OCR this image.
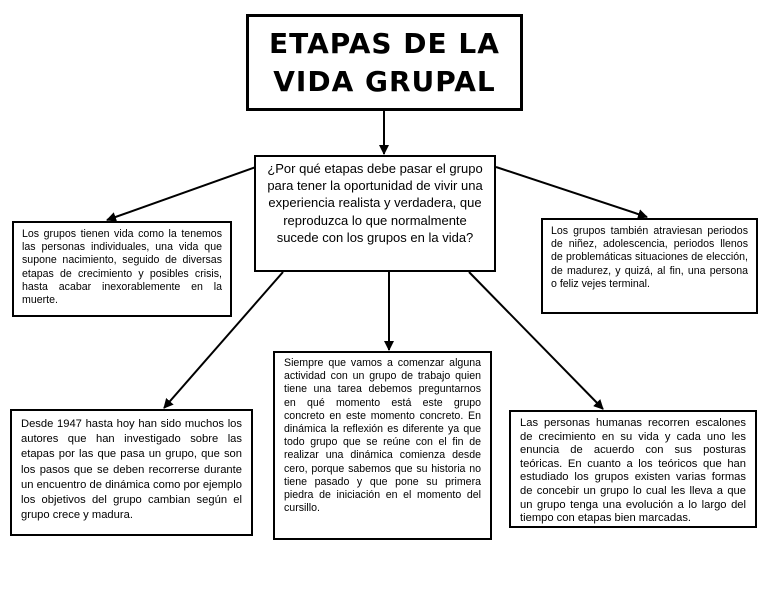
ETAPAS DE LA VIDA GRUPAL
¿Por qué etapas debe pasar el grupo para tener la oportunidad de vivir una experiencia realista y verdadera, que reproduzca lo que normalmente sucede con los grupos en la vida?
Los grupos tienen vida como la tenemos las personas individuales, una vida que supone nacimiento, seguido de diversas etapas de crecimiento y posibles crisis, hasta acabar inexorablemente en la muerte.
Los grupos también atraviesan periodos de niñez, adolescencia, periodos llenos de problemáticas situaciones de elección, de madurez, y quizá, al fin, una persona o feliz vejes terminal.
Desde 1947 hasta hoy han sido muchos los autores que han investigado sobre las etapas por las que pasa un grupo, que son los pasos que se deben recorrerse durante un encuentro de dinámica como por ejemplo los objetivos del grupo cambian según el grupo crece y madura.
Siempre que vamos a comenzar alguna actividad con un grupo de trabajo quien tiene una tarea debemos preguntarnos en qué momento está este grupo concreto en este momento concreto. En dinámica la reflexión es diferente ya que todo grupo que se reúne con el fin de realizar una dinámica comienza desde cero, porque sabemos que su historia no tiene pasado y que pone su primera piedra de iniciación en el momento del cursillo.
Las personas humanas recorren escalones de crecimiento en su vida y cada uno les enuncia de acuerdo con sus posturas teóricas. En cuanto a los teóricos que han estudiado los grupos existen varias formas de concebir un grupo lo cual les lleva a que un grupo tenga una evolución a lo largo del tiempo con etapas bien marcadas.
